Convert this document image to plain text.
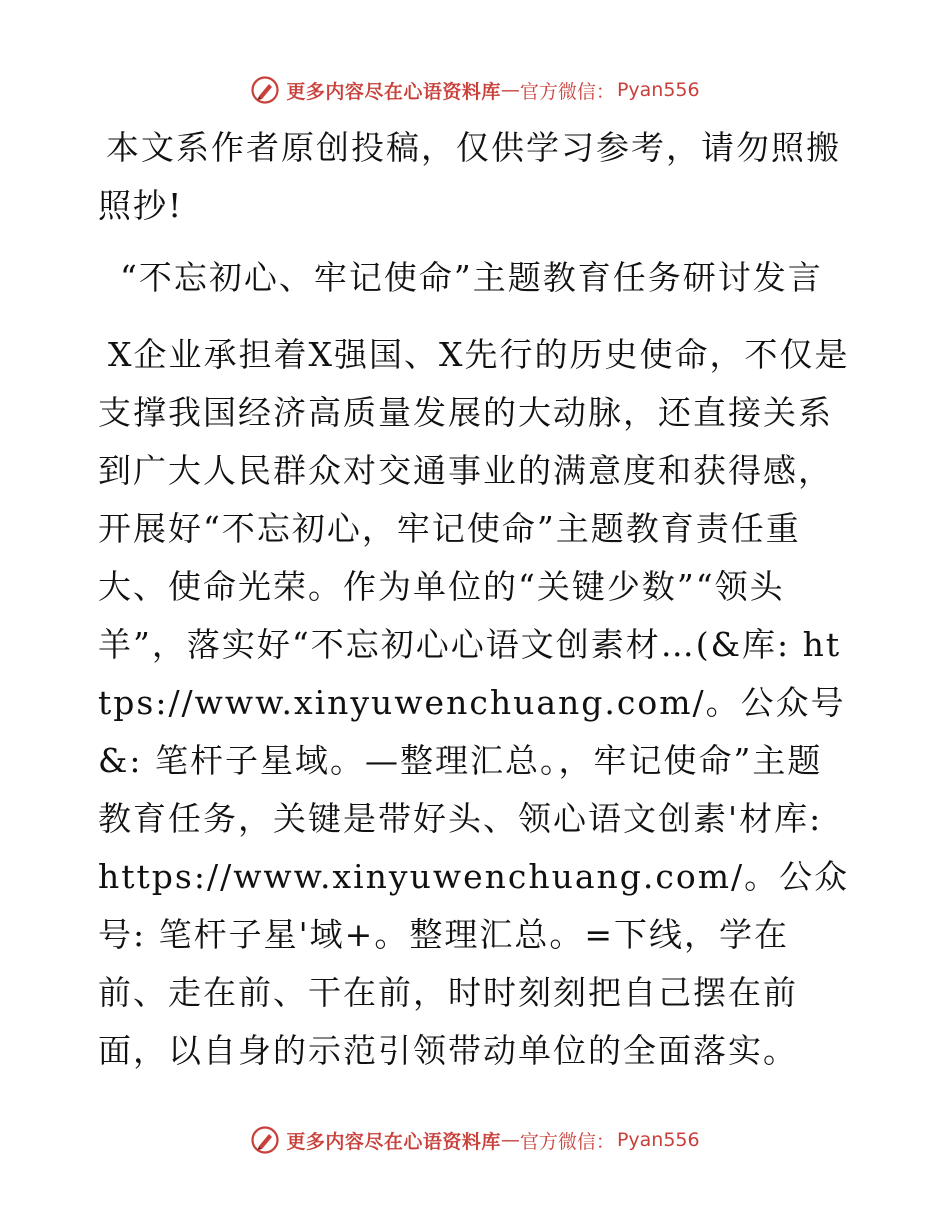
更多内容尽在心语资料库 — 官方微信： Pyan556
本文系作者原创投稿，仅供学习参考，请勿照搬照抄!
“不忘初心、牢记使命”主题教育任务研讨发言
X企业承担着X强国、X先行的历史使命，不仅是支撑我国经济高质量发展的大动脉，还直接关系到广大人民群众对交通事业的满意度和获得感，开展好“不忘初心，牢记使命”主题教育责任重大、使命光荣。作为单位的“关键少数”“领头羊”，落实好“不忘初心心语文创素材…(&库: https://www.xinyuwenchuang.com/。公众号&: 笔杆子星域。—整理汇总。，牢记使命”主题教育任务，关键是带好头、领心语文创素'材库: https://www.xinyuwenchuang.com/。公众号: 笔杆子星'域+。整理汇总。=下线，学在前、走在前、干在前，时时刻刻把自己摆在前面，以自身的示范引领带动单位的全面落实。
更多内容尽在心语资料库 — 官方微信： Pyan556
